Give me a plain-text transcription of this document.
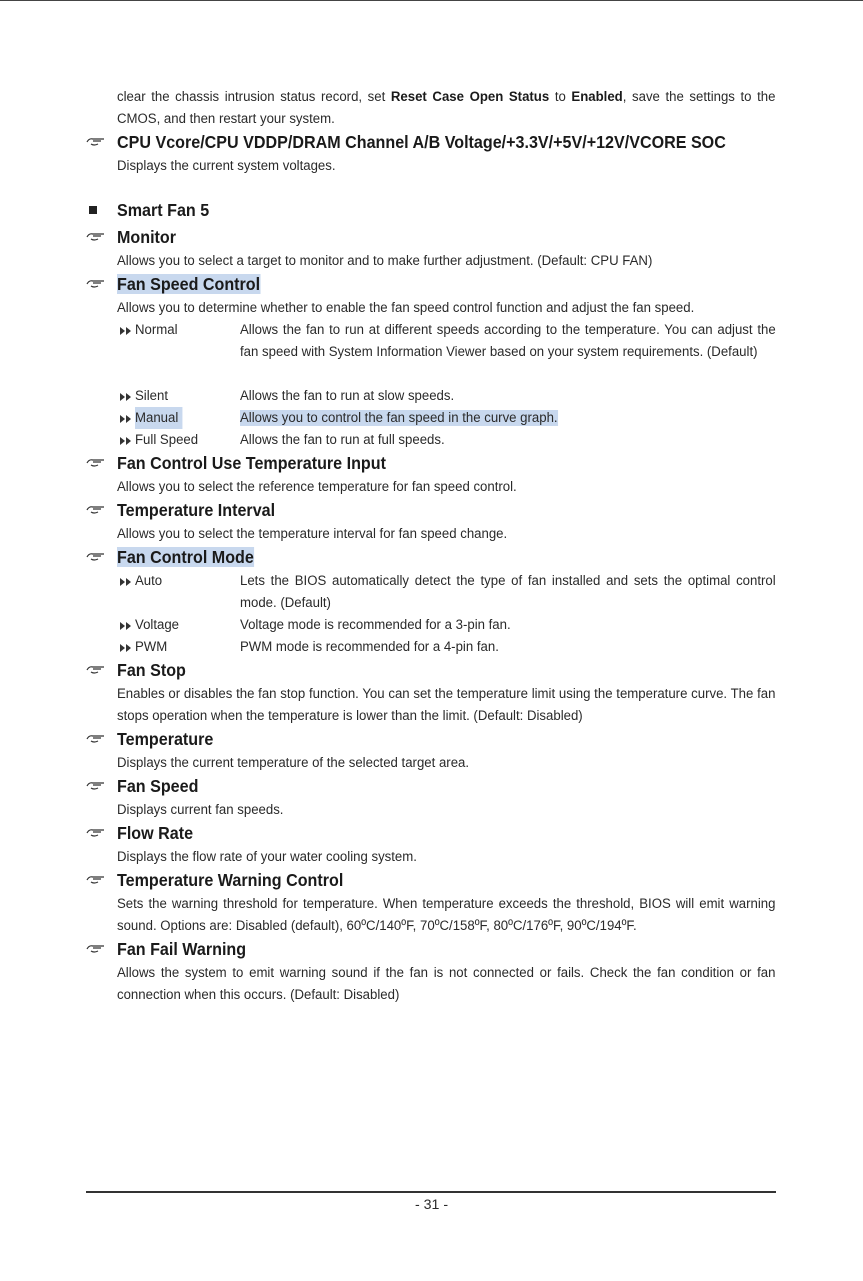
clear the chassis intrusion status record, set Reset Case Open Status to Enabled, save the settings to the CMOS, and then restart your system.
CPU Vcore/CPU VDDP/DRAM Channel A/B Voltage/+3.3V/+5V/+12V/VCORE SOC
Displays the current system voltages.
Smart Fan 5
Monitor
Allows you to select a target to monitor and to make further adjustment. (Default: CPU FAN)
Fan Speed Control
Allows you to determine whether to enable the fan speed control function and adjust the fan speed.
Normal	Allows the fan to run at different speeds according to the temperature. You can adjust the fan speed with System Information Viewer based on your system requirements. (Default)
Silent	Allows the fan to run at slow speeds.
Manual	Allows you to control the fan speed in the curve graph.
Full Speed	Allows the fan to run at full speeds.
Fan Control Use Temperature Input
Allows you to select the reference temperature for fan speed control.
Temperature Interval
Allows you to select the temperature interval for fan speed change.
Fan Control Mode
Auto	Lets the BIOS automatically detect the type of fan installed and sets the optimal control mode. (Default)
Voltage	Voltage mode is recommended for a 3-pin fan.
PWM	PWM mode is recommended for a 4-pin fan.
Fan Stop
Enables or disables the fan stop function. You can set the temperature limit using the temperature curve. The fan stops operation when the temperature is lower than the limit. (Default: Disabled)
Temperature
Displays the current temperature of the selected target area.
Fan Speed
Displays current fan speeds.
Flow Rate
Displays the flow rate of your water cooling system.
Temperature Warning Control
Sets the warning threshold for temperature. When temperature exceeds the threshold, BIOS will emit warning sound. Options are: Disabled (default), 60ºC/140ºF, 70ºC/158ºF, 80ºC/176ºF, 90ºC/194ºF.
Fan Fail Warning
Allows the system to emit warning sound if the fan is not connected or fails. Check the fan condition or fan connection when this occurs. (Default: Disabled)
- 31 -
